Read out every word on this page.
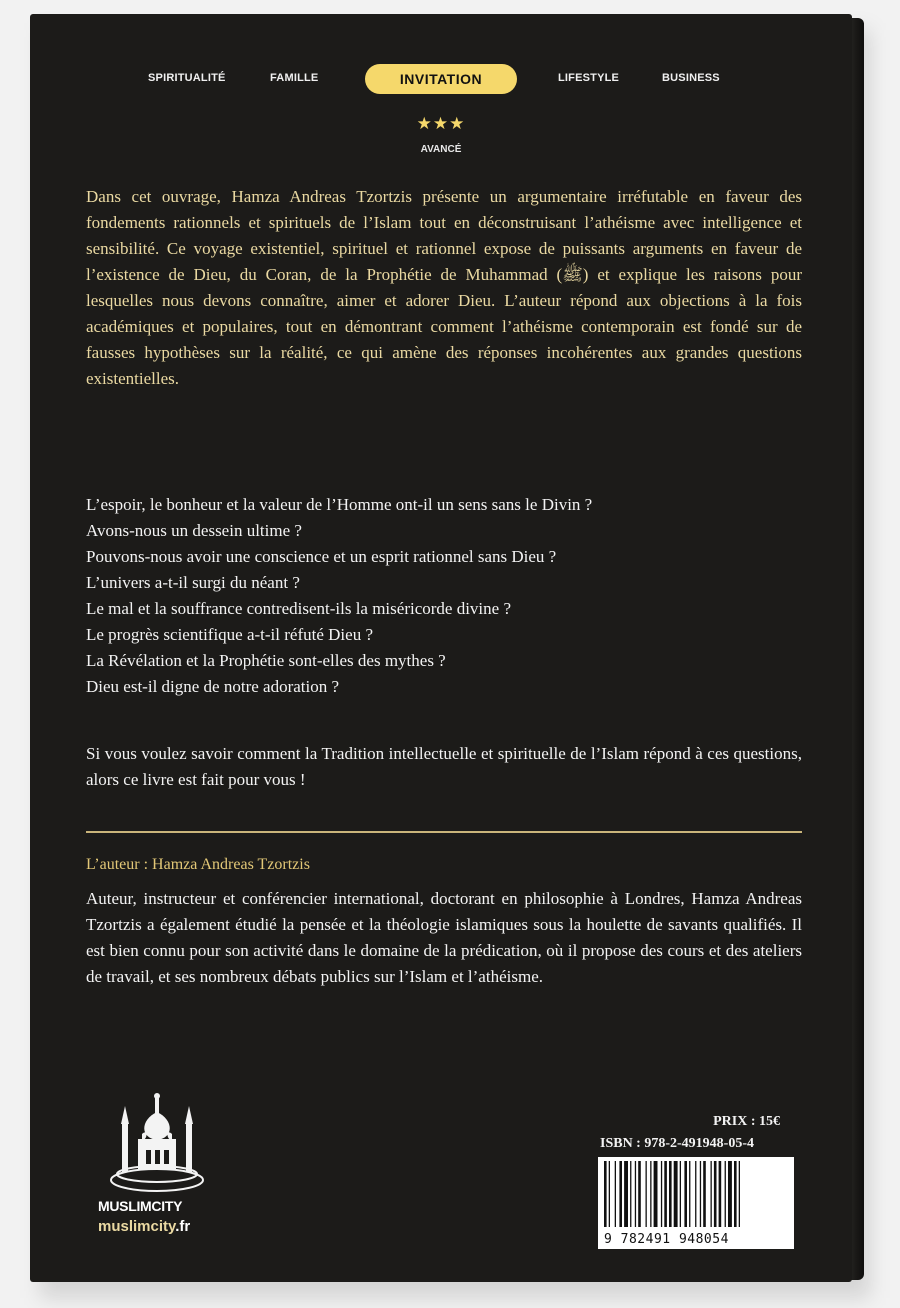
SPIRITUALITÉ	FAMILLE	INVITATION	LIFESTYLE	BUSINESS
★★★
AVANCÉ
Dans cet ouvrage, Hamza Andreas Tzortzis présente un argumentaire irréfutable en faveur des fondements rationnels et spirituels de l’Islam tout en déconstruisant l’athéisme avec intelligence et sensibilité. Ce voyage existentiel, spirituel et rationnel expose de puissants arguments en faveur de l’existence de Dieu, du Coran, de la Prophétie de Muhammad (ﷺ) et explique les raisons pour lesquelles nous devons connaître, aimer et adorer Dieu. L’auteur répond aux objections à la fois académiques et populaires, tout en démontrant comment l’athéisme contemporain est fondé sur de fausses hypothèses sur la réalité, ce qui amène des réponses incohérentes aux grandes questions existentielles.

L’espoir, le bonheur et la valeur de l’Homme ont-il un sens sans le Divin ?

Avons-nous un dessein ultime ?

Pouvons-nous avoir une conscience et un esprit rationnel sans Dieu ?

L’univers a-t-il surgi du néant ?

Le mal et la souffrance contredisent-ils la miséricorde divine ?

Le progrès scientifique a-t-il réfuté Dieu ?

La Révélation et la Prophétie sont-elles des mythes ?

Dieu est-il digne de notre adoration ?

Si vous voulez savoir comment la Tradition intellectuelle et spirituelle de l’Islam répond à ces questions, alors ce livre est fait pour vous !
L’auteur : Hamza Andreas Tzortzis
Auteur, instructeur et conférencier international, doctorant en philosophie à Londres, Hamza Andreas Tzortzis a également étudié la pensée et la théologie islamiques sous la houlette de savants qualifiés. Il est bien connu pour son activité dans le domaine de la prédication, où il propose des cours et des ateliers de travail, et ses nombreux débats publics sur l’Islam et l’athéisme.
MUSLIMCITY
muslimcity.fr
PRIX : 15€
ISBN : 978-2-491948-05-4
9 782491 948054
